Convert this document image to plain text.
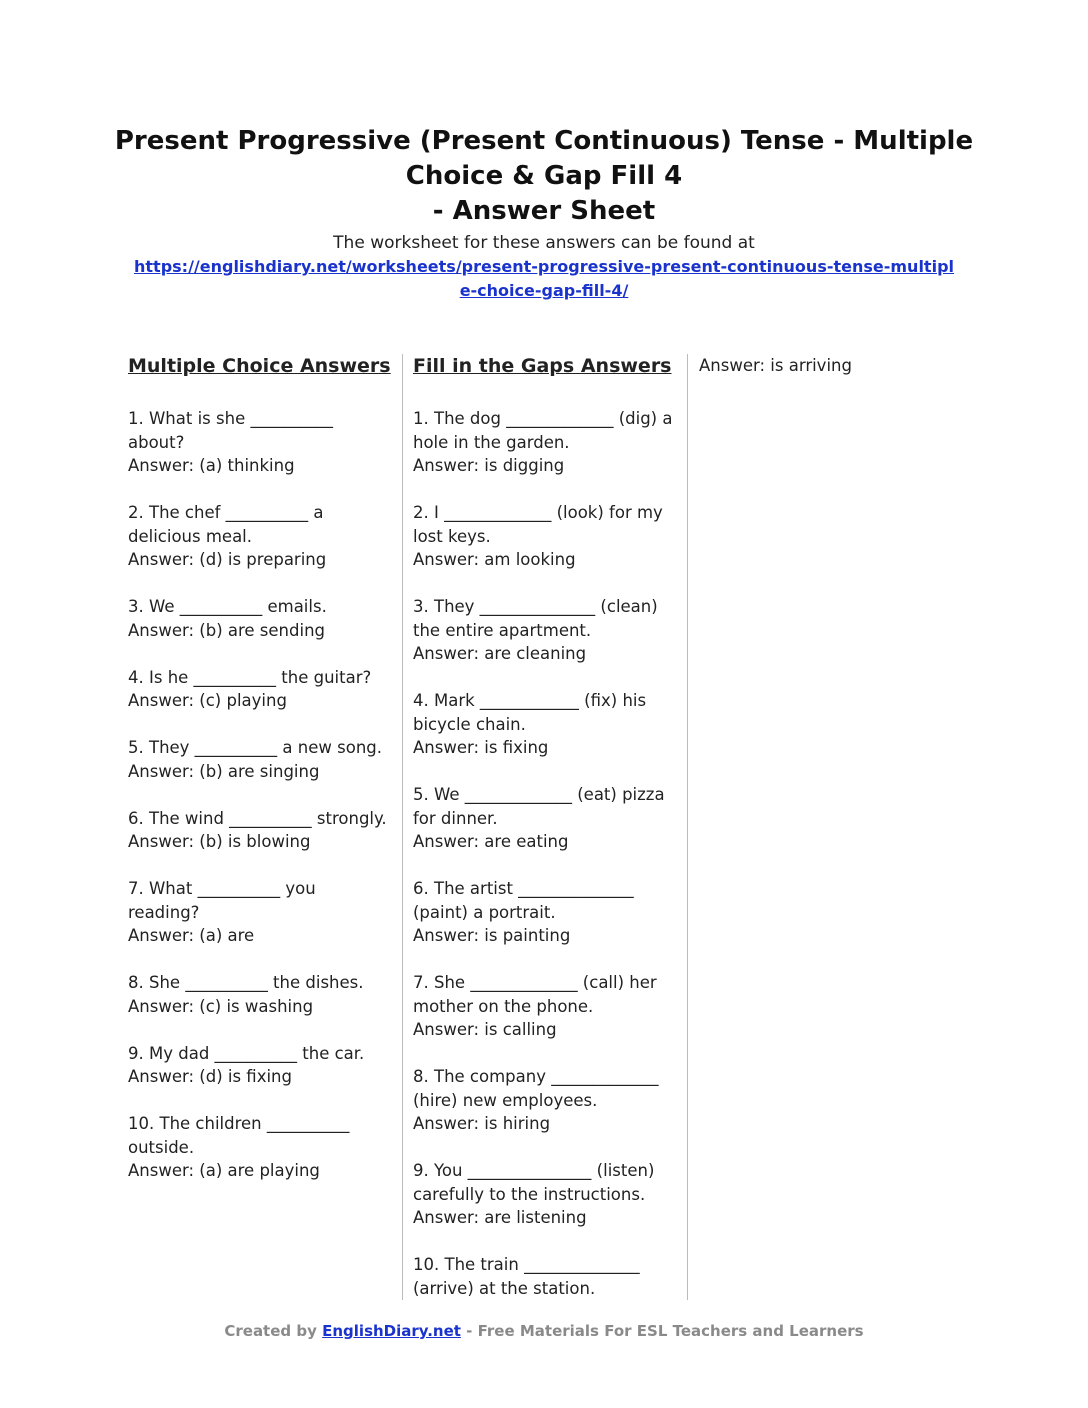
Present Progressive (Present Continuous) Tense - Multiple
Choice & Gap Fill 4
- Answer Sheet
The worksheet for these answers can be found at
https://englishdiary.net/worksheets/present-progressive-present-continuous-tense-multiple-choice-gap-fill-4/
Multiple Choice Answers

1. What is she __________ about?

Answer: (a) thinking

2. The chef __________ a delicious meal.

Answer: (d) is preparing

3. We __________ emails.

Answer: (b) are sending

4. Is he __________ the guitar?

Answer: (c) playing

5. They __________ a new song.

Answer: (b) are singing

6. The wind __________ strongly.

Answer: (b) is blowing

7. What __________ you reading?

Answer: (a) are

8. She __________ the dishes.

Answer: (c) is washing

9. My dad __________ the car.

Answer: (d) is fixing

10. The children __________ outside.

Answer: (a) are playing

Fill in the Gaps Answers

1. The dog _____________ (dig) a hole in the garden.

Answer: is digging

2. I _____________ (look) for my lost keys.

Answer: am looking

3. They ______________ (clean) the entire apartment.

Answer: are cleaning

4. Mark ____________ (fix) his bicycle chain.

Answer: is fixing

5. We _____________ (eat) pizza for dinner.

Answer: are eating

6. The artist ______________ (paint) a portrait.

Answer: is painting

7. She _____________ (call) her mother on the phone.

Answer: is calling

8. The company _____________ (hire) new employees.

Answer: is hiring

9. You _______________ (listen) carefully to the instructions.

Answer: are listening

10. The train ______________ (arrive) at the station.

Answer: is arriving

Created by EnglishDiary.net - Free Materials For ESL Teachers and Learners
